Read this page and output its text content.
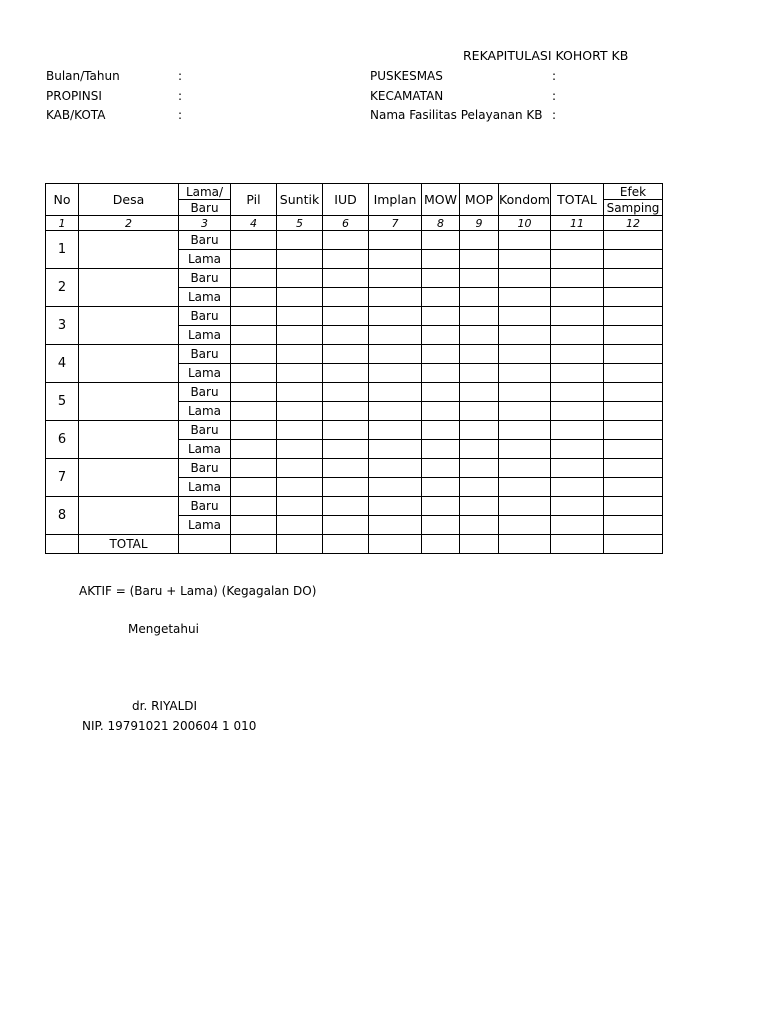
REKAPITULASI KOHORT KB
Bulan/Tahun	:
PROPINSI	:
KAB/KOTA	:
PUSKESMAS	:
KECAMATAN	:
Nama Fasilitas Pelayanan KB :
No	Desa	Lama/	Pil	Suntik	IUD	Implan	MOW	MOP	Kondom	TOTAL	Efek
		Baru									Samping
1	2	3	4	5	6	7	8	9	10	11	12
1		Baru									
		Lama									
2		Baru									
		Lama									
3		Baru									
		Lama									
4		Baru									
		Lama									
5		Baru									
		Lama									
6		Baru									
		Lama									
7		Baru									
		Lama									
8		Baru									
		Lama									
	TOTAL										
AKTIF = (Baru + Lama) (Kegagalan DO)
Mengetahui
dr. RIYALDI
NIP. 19791021 200604 1 010
